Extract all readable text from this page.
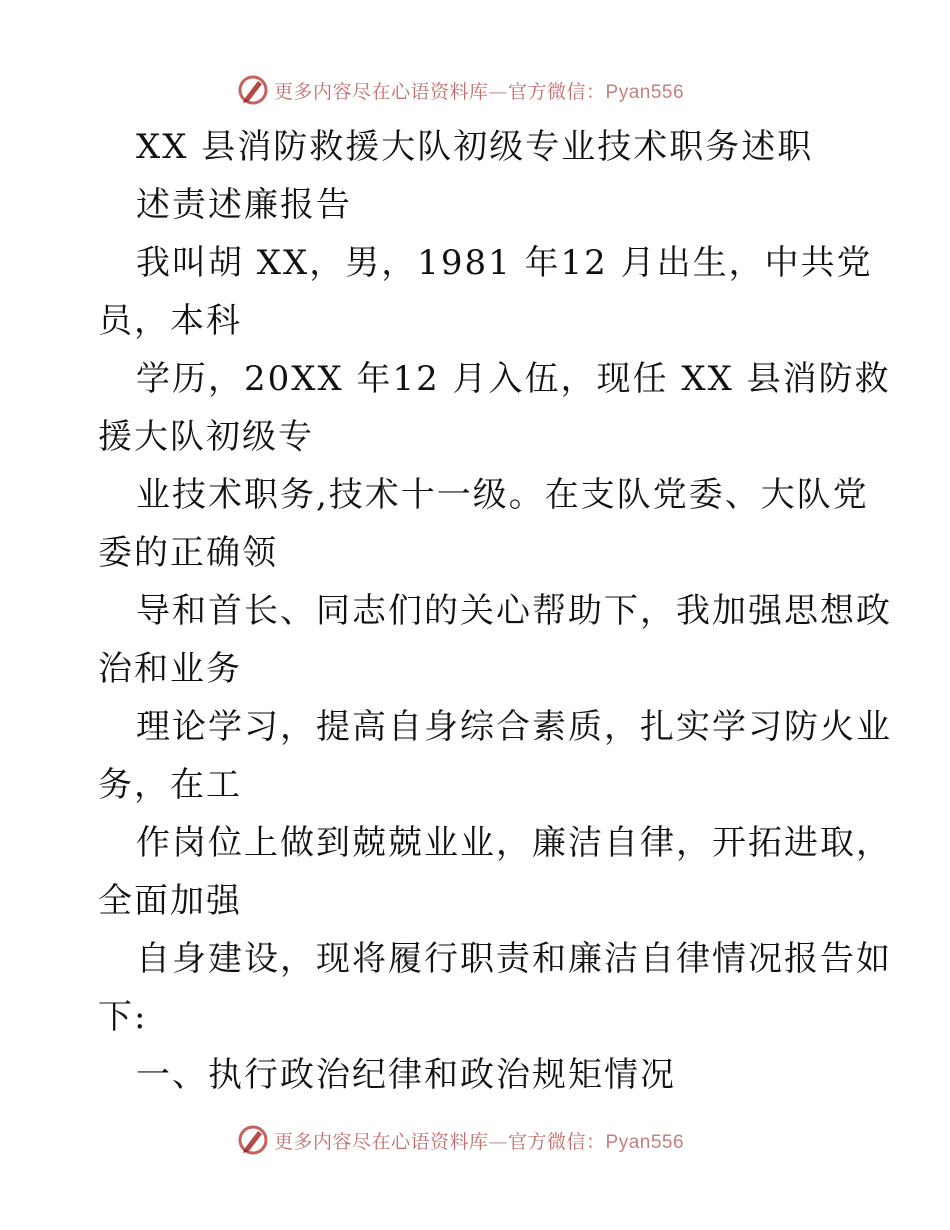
更多内容尽在心语资料库—官方微信：Pyan556
XX 县消防救援大队初级专业技术职务述职
述责述廉报告
我叫胡 XX，男，1981 年12 月出生，中共党
员，本科
学历，20XX 年12 月入伍，现任 XX 县消防救
援大队初级专
业技术职务,技术十一级。在支队党委、大队党
委的正确领
导和首长、同志们的关心帮助下，我加强思想政
治和业务
理论学习，提高自身综合素质，扎实学习防火业
务，在工
作岗位上做到兢兢业业，廉洁自律，开拓进取，
全面加强
自身建设，现将履行职责和廉洁自律情况报告如
下:
一、执行政治纪律和政治规矩情况
更多内容尽在心语资料库—官方微信：Pyan556
